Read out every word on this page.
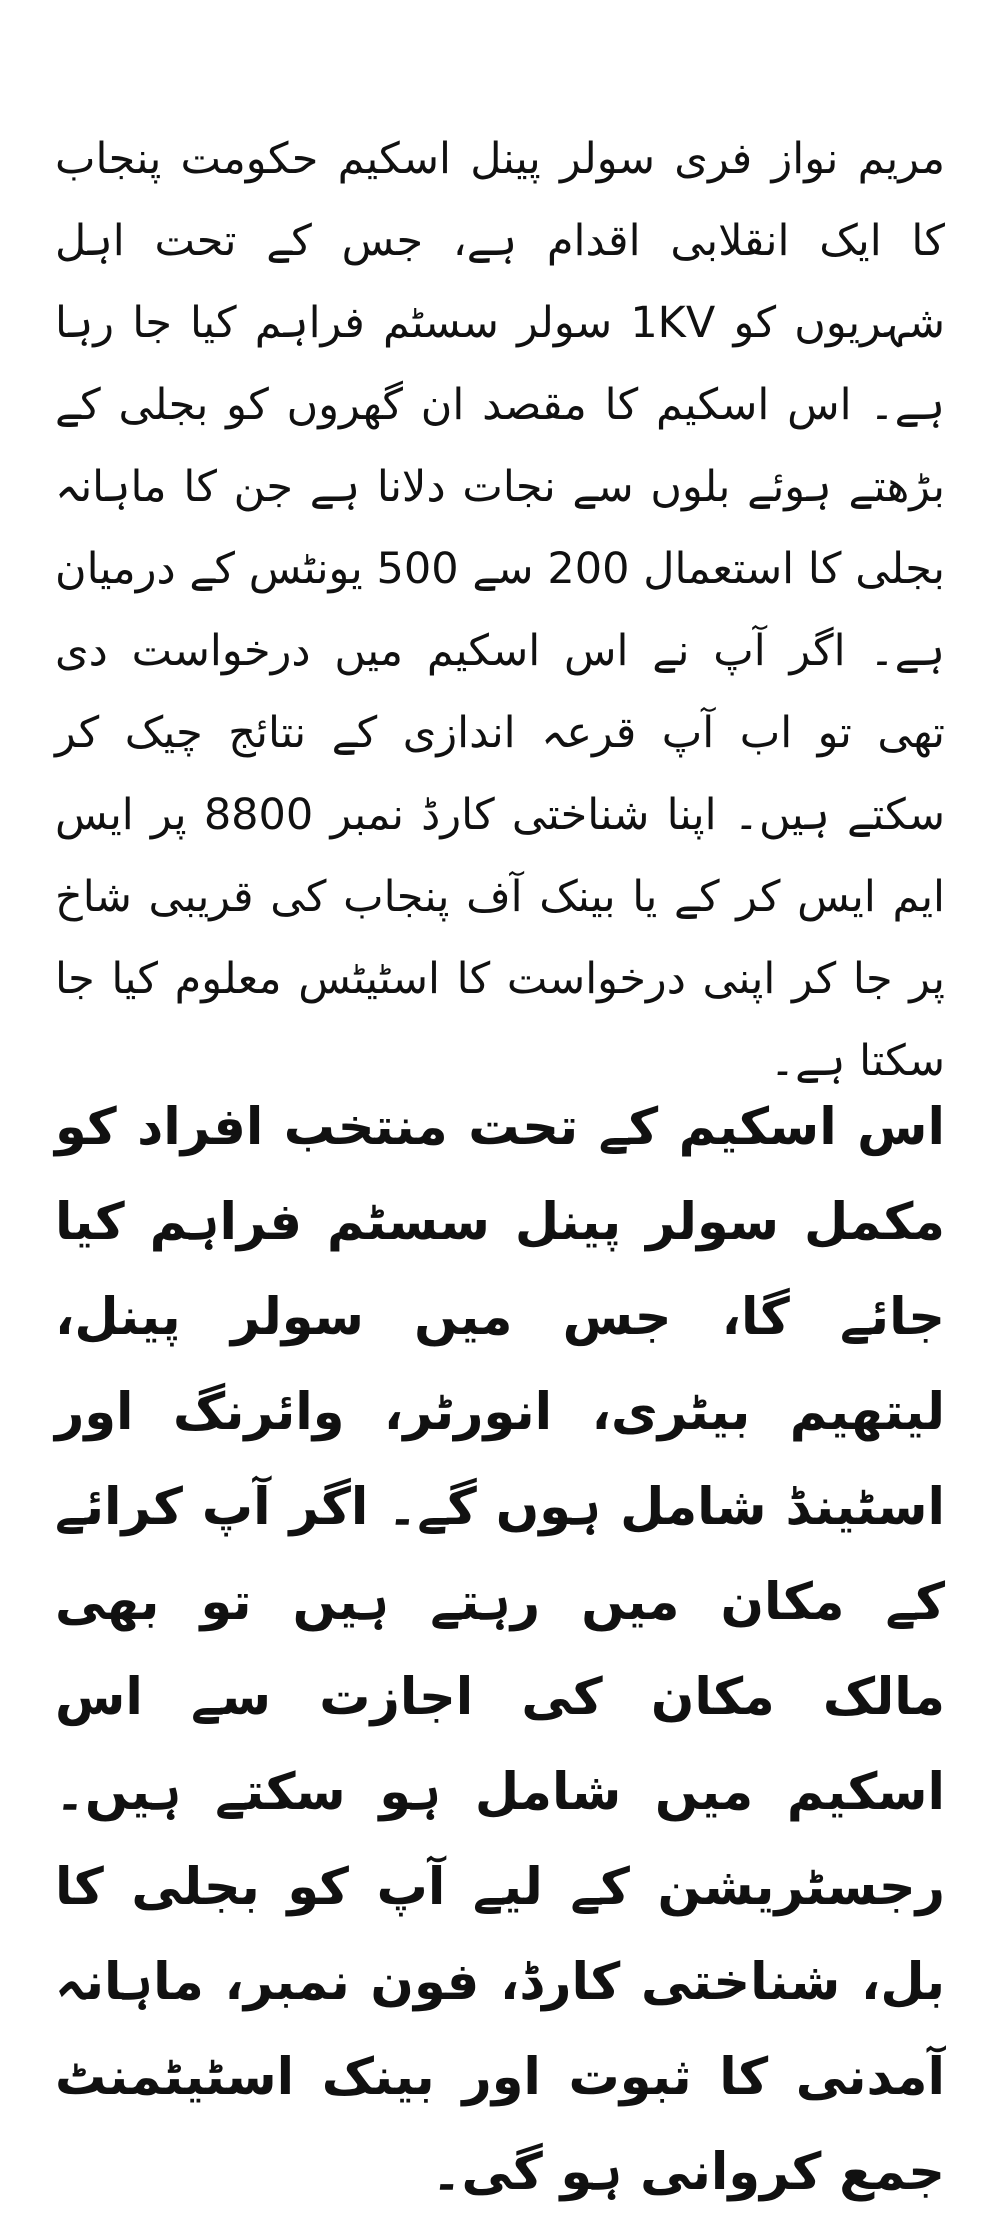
مریم نواز فری سولر پینل اسکیم حکومت پنجاب کا ایک انقلابی اقدام ہے، جس کے تحت اہل شہریوں کو 1KV سولر سسٹم فراہم کیا جا رہا ہے۔ اس اسکیم کا مقصد ان گھروں کو بجلی کے بڑھتے ہوئے بلوں سے نجات دلانا ہے جن کا ماہانہ بجلی کا استعمال 200 سے 500 یونٹس کے درمیان ہے۔ اگر آپ نے اس اسکیم میں درخواست دی تھی تو اب آپ قرعہ اندازی کے نتائج چیک کر سکتے ہیں۔ اپنا شناختی کارڈ نمبر 8800 پر ایس ایم ایس کر کے یا بینک آف پنجاب کی قریبی شاخ پر جا کر اپنی درخواست کا اسٹیٹس معلوم کیا جا سکتا ہے۔

اس اسکیم کے تحت منتخب افراد کو مکمل سولر پینل سسٹم فراہم کیا جائے گا، جس میں سولر پینل، لیتھیم بیٹری، انورٹر، وائرنگ اور اسٹینڈ شامل ہوں گے۔ اگر آپ کرائے کے مکان میں رہتے ہیں تو بھی مالک مکان کی اجازت سے اس اسکیم میں شامل ہو سکتے ہیں۔ رجسٹریشن کے لیے آپ کو بجلی کا بل، شناختی کارڈ، فون نمبر، ماہانہ آمدنی کا ثبوت اور بینک اسٹیٹمنٹ جمع کروانی ہو گی۔
